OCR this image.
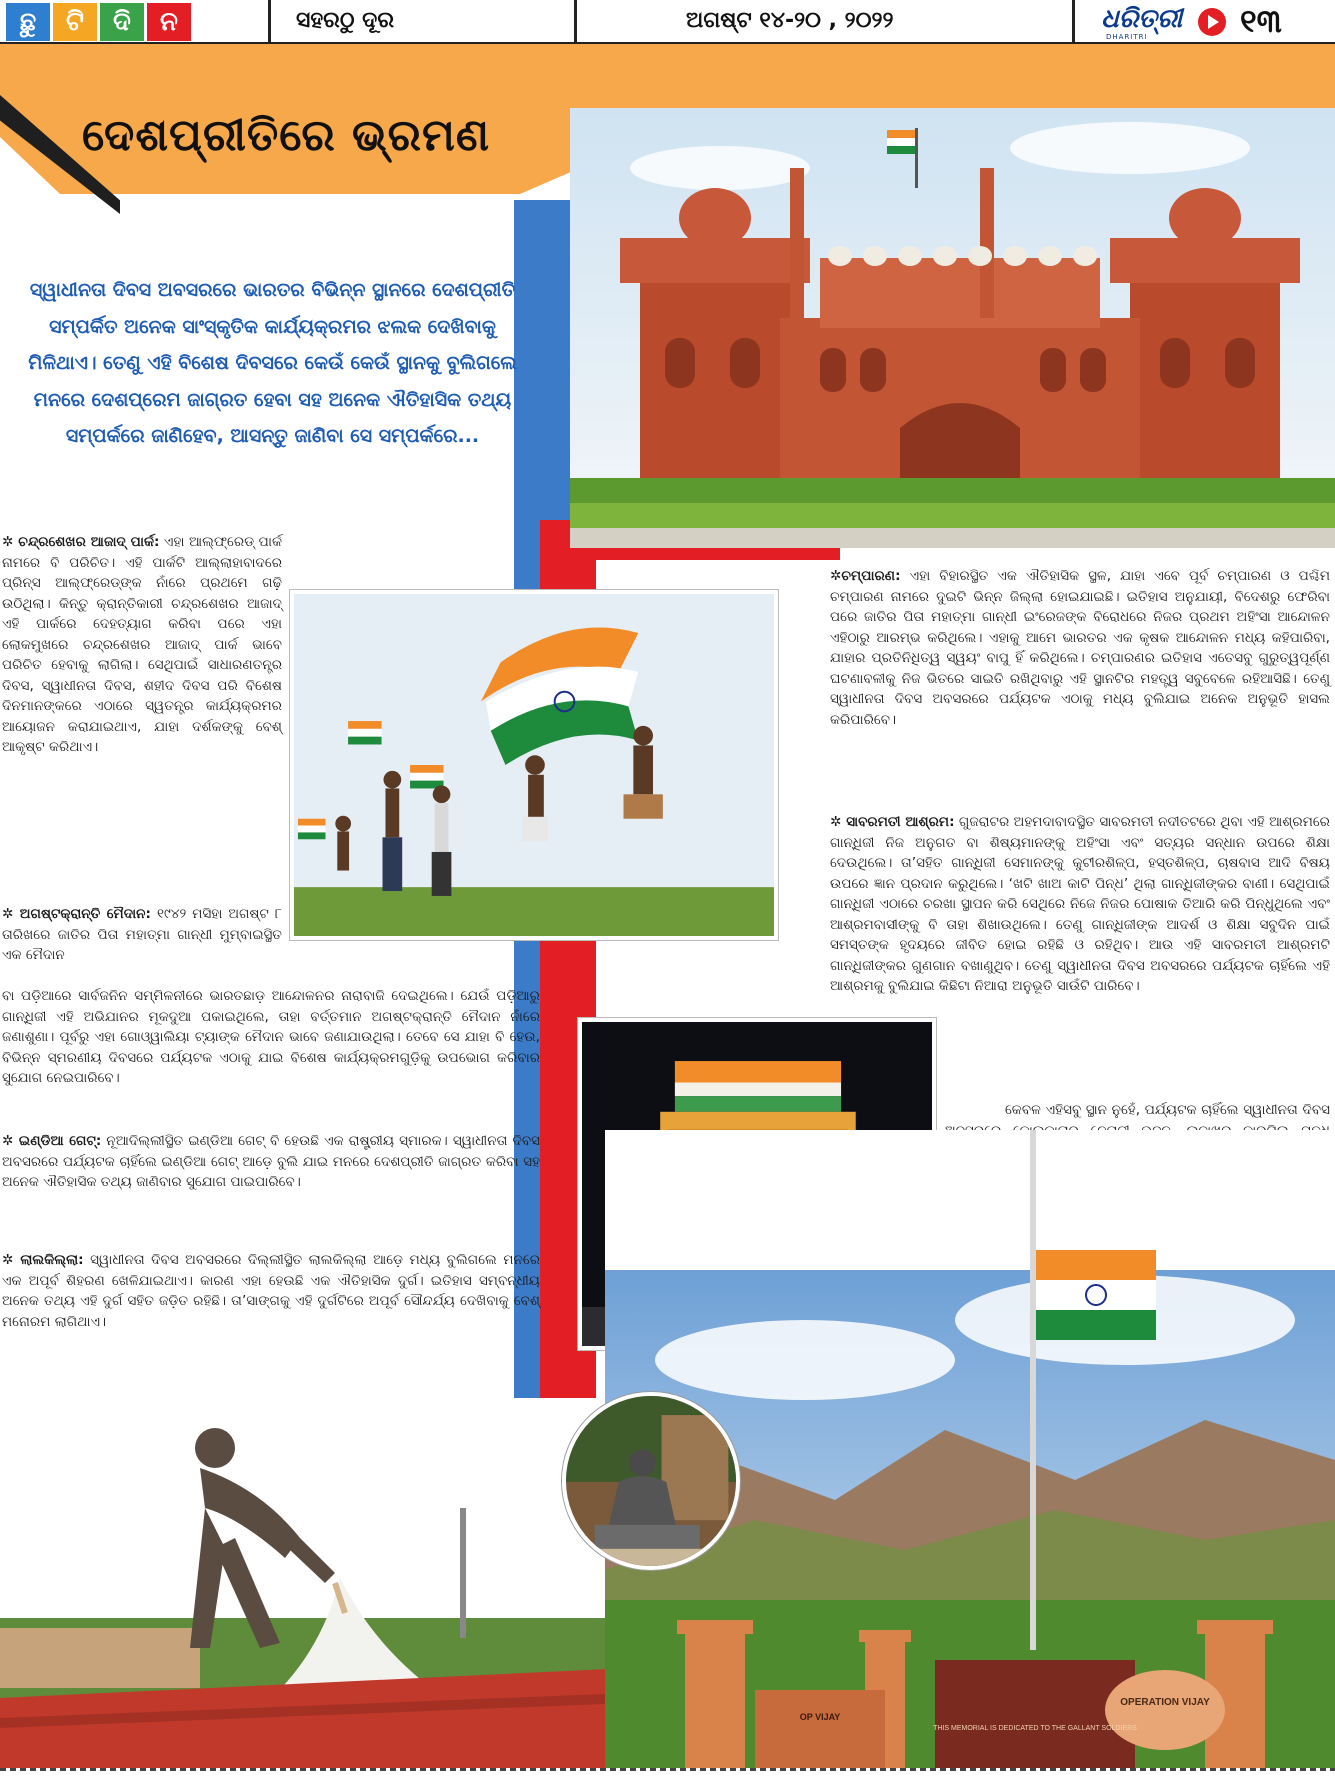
ଛୁ	ଟି	ଦି	ନ	ସହରଠୁ ଦୂର	ଅଗଷ୍ଟ ୧୪-୨୦ , ୨୦୨୨	ଧରିତ୍ରୀ
DHARITRI	୧୩
ଦେଶପ୍ରୀତିରେ ଭ୍ରମଣ

ସ୍ୱାଧୀନତା ଦିବସ ଅବସରରେ ଭାରତର ବିଭିନ୍ନ ସ୍ଥାନରେ ଦେଶପ୍ରୀତି ସମ୍ପର୍କିତ ଅନେକ ସାଂସ୍କୃତିକ କାର୍ଯ୍ୟକ୍ରମର ଝଲକ ଦେଖିବାକୁ ମିଳିଥାଏ। ତେଣୁ ଏହି ବିଶେଷ ଦିବସରେ କେଉଁ କେଉଁ ସ୍ଥାନକୁ ବୁଲିଗଲେ ମନରେ ଦେଶପ୍ରେମ ଜାଗ୍ରତ ହେବା ସହ ଅନେକ ଐତିହାସିକ ତଥ୍ୟ ସମ୍ପର୍କରେ ଜାଣିହେବ, ଆସନ୍ତୁ ଜାଣିବା ସେ ସମ୍ପର୍କରେ...

✲ ଚନ୍ଦ୍ରଶେଖର ଆଜାଦ୍ ପାର୍କ: ଏହା ଆଲ୍‌ଫ୍ରେଡ୍ ପାର୍କ ନାମରେ ବି ପରିଚିତ। ଏହି ପାର୍କଟି ଆଲ୍ଲାହାବାଦରେ ପ୍ରିନ୍ସ ଆଲ୍‌ଫ୍ରେଡ୍‌ଙ୍କ ନାଁରେ ପ୍ରଥମେ ଗଢ଼ି ଉଠିଥିଲା। କିନ୍ତୁ କ୍ରାନ୍ତିକାରୀ ଚନ୍ଦ୍ରଶେଖର ଆଜାଦ୍ ଏହି ପାର୍କରେ ଦେହତ୍ୟାଗ କରିବା ପରେ ଏହା ଲୋକମୁଖରେ ଚନ୍ଦ୍ରଶେଖର ଆଜାଦ୍ ପାର୍କ ଭାବେ ପରିଚିତ ହେବାକୁ ଲାଗିଲା। ସେଥିପାଇଁ ସାଧାରଣତନ୍ତ୍ର ଦିବସ, ସ୍ୱାଧୀନତା ଦିବସ, ଶହୀଦ ଦିବସ ପରି ବିଶେଷ ଦିନମାନଙ୍କରେ ଏଠାରେ ସ୍ୱତନ୍ତ୍ର କାର୍ଯ୍ୟକ୍ରମର ଆୟୋଜନ କରାଯାଇଥାଏ, ଯାହା ଦର୍ଶକଙ୍କୁ ବେଶ୍ ଆକୃଷ୍ଟ କରିଥାଏ।

✲ ଅଗଷ୍ଟକ୍ରାନ୍ତି ମୈଦାନ: ୧୯୪୨ ମସିହା ଅଗଷ୍ଟ ୮ ତାରିଖରେ ଜାତିର ପିତା ମହାତ୍ମା ଗାନ୍ଧୀ ମୁମ୍ବାଇସ୍ଥିତ ଏକ ମୈଦାନ

ବା ପଡ଼ିଆରେ ସାର୍ବଜନିନ ସମ୍ମିଳନୀରେ ଭାରତଛାଡ଼ ଆନ୍ଦୋଳନର ନାରାବାଜି ଦେଇଥିଲେ। ଯେଉଁ ପଡ଼ିଆରୁ ଗାନ୍ଧିଜୀ ଏହି ଅଭିଯାନର ମୂକଦୁଆ ପକାଇଥିଲେ, ତାହା ବର୍ତ୍ତମାନ ଅଗଷ୍ଟକ୍ରାନ୍ତି ମୈଦାନ ନାଁରେ ଜଣାଶୁଣା। ପୂର୍ବରୁ ଏହା ଗୋଓ୍ୱାଲିୟା ଟ୍ୟାଙ୍କ ମୈଦାନ ଭାବେ ଜଣାଯାଉଥିଲା। ତେବେ ସେ ଯାହା ବି ହେଉ, ବିଭିନ୍ନ ସ୍ମରଣୀୟ ଦିବସରେ ପର୍ଯ୍ୟଟକ ଏଠାକୁ ଯାଇ ବିଶେଷ କାର୍ଯ୍ୟକ୍ରମଗୁଡ଼ିକୁ ଉପଭୋଗ କରିବାର ସୁଯୋଗ ନେଇପାରିବେ।

✲ ଇଣ୍ଡିଆ ଗେଟ୍: ନୂଆଦିଲ୍ଲୀସ୍ଥିତ ଇଣ୍ଡିଆ ଗେଟ୍ ବି ହେଉଛି ଏକ ରାଷ୍ଟ୍ରୀୟ ସ୍ମାରକ। ସ୍ୱାଧୀନତା ଦିବସ ଅବସରରେ ପର୍ଯ୍ୟଟକ ଚାହିଁଲେ ଇଣ୍ଡିଆ ଗେଟ୍ ଆଡ଼େ ବୁଲି ଯାଇ ମନରେ ଦେଶପ୍ରୀତି ଜାଗ୍ରତ କରିବା ସହ ଅନେକ ଐତିହାସିକ ତଥ୍ୟ ଜାଣିବାର ସୁଯୋଗ ପାଇପାରିବେ।

✲ ଲାଲକିଲ୍ଲା: ସ୍ୱାଧୀନତା ଦିବସ ଅବସରରେ ଦିଲ୍ଲୀସ୍ଥିତ ଲାଲକିଲ୍ଲା ଆଡ଼େ ମଧ୍ୟ ବୁଲିଗଲେ ମନରେ ଏକ ଅପୂର୍ବ ଶିହରଣ ଖେଳିଯାଇଥାଏ। କାରଣ ଏହା ହେଉଛି ଏକ ଐତିହାସିକ ଦୁର୍ଗ। ଇତିହାସ ସମ୍ବନ୍ଧୀୟ ଅନେକ ତଥ୍ୟ ଏହି ଦୁର୍ଗ ସହିତ ଜଡ଼ିତ ରହିଛି। ତା’ସାଙ୍ଗକୁ ଏହି ଦୁର୍ଗଟିରେ ଅପୂର୍ବ ସୌନ୍ଦର୍ଯ୍ୟ ଦେଖିବାକୁ ବେଶ୍ ମନୋରମ ଲାଗିଥାଏ।

✲ଚମ୍ପାରଣ: ଏହା ବିହାରସ୍ଥିତ ଏକ ଐତିହାସିକ ସ୍ଥଳ, ଯାହା ଏବେ ପୂର୍ବ ଚମ୍ପାରଣ ଓ ପଶ୍ଚିମ ଚମ୍ପାରଣ ନାମରେ ଦୁଇଟି ଭିନ୍ନ ଜିଲ୍ଲା ହୋଇଯାଇଛି। ଇତିହାସ ଅନୁଯାୟୀ, ବିଦେଶରୁ ଫେରିବା ପରେ ଜାତିର ପିତା ମହାତ୍ମା ଗାନ୍ଧୀ ଇଂରେଜଙ୍କ ବିରୋଧରେ ନିଜର ପ୍ରଥମ ଅହିଂସା ଆନ୍ଦୋଳନ ଏହିଠାରୁ ଆରମ୍ଭ କରିଥିଲେ। ଏହାକୁ ଆମେ ଭାରତର ଏକ କୃଷକ ଆନ୍ଦୋଳନ ମଧ୍ୟ କହିପାରିବା, ଯାହାର ପ୍ରତିନିଧିତ୍ୱ ସ୍ୱୟଂ ବାପୁ ହିଁ କରିଥିଲେ। ଚମ୍ପାରଣର ଇତିହାସ ଏତେସବୁ ଗୁରୁତ୍ୱପୂର୍ଣ୍ଣ ଘଟଣାବଳୀକୁ ନିଜ ଭିତରେ ସାଇତି ରଖିଥିବାରୁ ଏହି ସ୍ଥାନଟିର ମହତ୍ତ୍ୱ ସବୁବେଳେ ରହିଆସିଛି। ତେଣୁ ସ୍ୱାଧୀନତା ଦିବସ ଅବସରରେ ପର୍ଯ୍ୟଟକ ଏଠାକୁ ମଧ୍ୟ ବୁଲିଯାଇ ଅନେକ ଅନୁଭୂତି ହାସଲ କରିପାରିବେ।

✲ ସାବରମତୀ ଆଶ୍ରମ: ଗୁଜରାଟର ଅହମଦାବାଦସ୍ଥିତ ସାବରମତୀ ନଦୀତଟରେ ଥିବା ଏହି ଆଶ୍ରମରେ ଗାନ୍ଧିଜୀ ନିଜ ଅନୁଗତ ବା ଶିଷ୍ୟମାନଙ୍କୁ ଅହିଂସା ଏବଂ ସତ୍ୟର ସନ୍ଧାନ ଉପରେ ଶିକ୍ଷା ଦେଉଥିଲେ। ତା’ସହିତ ଗାନ୍ଧିଜୀ ସେମାନଙ୍କୁ କୁଟୀରଶିଳ୍ପ, ହସ୍ତଶିଳ୍ପ, ଚାଷବାସ ଆଦି ବିଷୟ ଉପରେ ଜ୍ଞାନ ପ୍ରଦାନ କରୁଥିଲେ। ‘ଖଟି ଖାଅ କାଟି ପିନ୍ଧ’ ଥିଲା ଗାନ୍ଧିଜୀଙ୍କର ବାଣୀ। ସେଥିପାଇଁ ଗାନ୍ଧିଜୀ ଏଠାରେ ଚରଖା ସ୍ଥାପନ କରି ସେଥିରେ ନିଜେ ନିଜର ପୋଷାକ ତିଆରି କରି ପିନ୍ଧୁଥିଲେ ଏବଂ ଆଶ୍ରମବାସୀଙ୍କୁ ବି ତାହା ଶିଖାଉଥିଲେ। ତେଣୁ ଗାନ୍ଧିଜୀଙ୍କ ଆଦର୍ଶ ଓ ଶିକ୍ଷା ସବୁଦିନ ପାଇଁ ସମସ୍ତଙ୍କ ହୃଦୟରେ ଜୀବିତ ହୋଇ ରହିଛି ଓ ରହିଥିବ। ଆଉ ଏହି ସାବରମତୀ ଆଶ୍ରମଟି ଗାନ୍ଧିଜୀଙ୍କର ଗୁଣଗାନ ବଖାଣୁଥିବ। ତେଣୁ ସ୍ୱାଧୀନତା ଦିବସ ଅବସରରେ ପର୍ଯ୍ୟଟକ ଚାହିଁଲେ ଏହି ଆଶ୍ରମକୁ ବୁଲିଯାଇ କିଛିଟା ନିଆରା ଅନୁଭୂତି ସାଉଁଟି ପାରିବେ।

କେବଳ ଏହିସବୁ ସ୍ଥାନ ନୁହେଁ, ପର୍ଯ୍ୟଟକ ଚାହିଁଲେ ସ୍ୱାଧୀନତା ଦିବସ

OPERATION VIJAY
OP VIJAY
THIS MEMORIAL IS DEDICATED TO THE GALLANT SOLDIERS
